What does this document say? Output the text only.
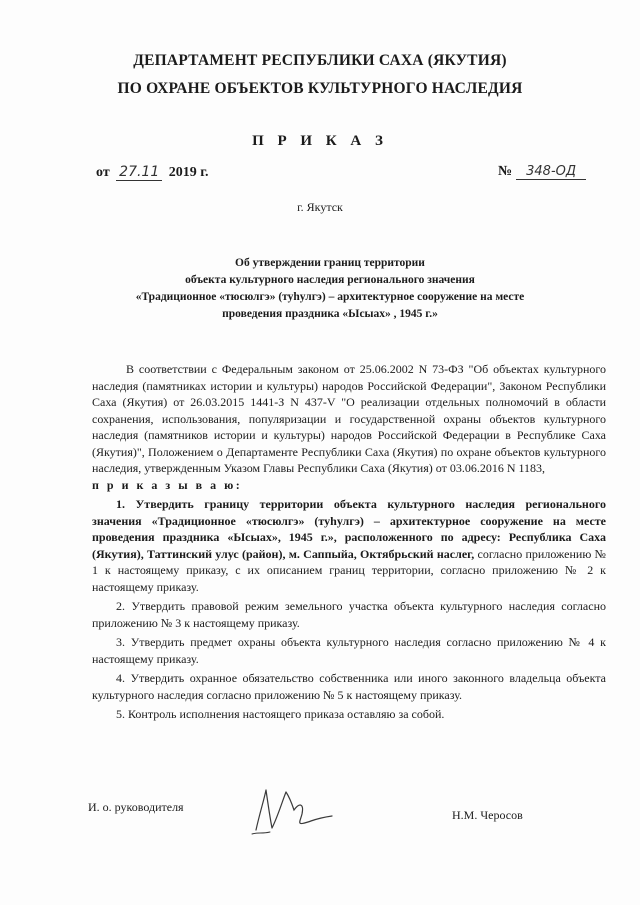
ДЕПАРТАМЕНТ РЕСПУБЛИКИ САХА (ЯКУТИЯ)
ПО ОХРАНЕ ОБЪЕКТОВ КУЛЬТУРНОГО НАСЛЕДИЯ
П Р И К А З
от 27.11 2019 г.	№ 348-ОД
г. Якутск
Об утверждении границ территории
объекта культурного наследия регионального значения
«Традиционное «тюсюлгэ» (туһулгэ) – архитектурное сооружение на месте
проведения праздника «Ысыах» , 1945 г.»

В соответствии с Федеральным законом от 25.06.2002 N 73-ФЗ "Об объектах культурного наследия (памятниках истории и культуры) народов Российской Федерации", Законом Республики Саха (Якутия) от 26.03.2015 1441-З N 437-V "О реализации отдельных полномочий в области сохранения, использования, популяризации и государственной охраны объектов культурного наследия (памятников истории и культуры) народов Российской Федерации в Республике Саха (Якутия)", Положением о Департаменте Республики Саха (Якутия) по охране объектов культурного наследия, утвержденным Указом Главы Республики Саха (Якутия) от 03.06.2016 N 1183,

п р и к а з ы в а ю:

1. Утвердить границу территории объекта культурного наследия регионального значения «Традиционное «тюсюлгэ» (туһулгэ) – архитектурное сооружение на месте проведения праздника «Ысыах», 1945 г.», расположенного по адресу: Республика Саха (Якутия), Таттинский улус (район), м. Саппыйа, Октябрьский наслег, согласно приложению № 1 к настоящему приказу, с их описанием границ территории, согласно приложению № 2 к настоящему приказу.

2. Утвердить правовой режим земельного участка объекта культурного наследия согласно приложению № 3 к настоящему приказу.

3. Утвердить предмет охраны объекта культурного наследия согласно приложению № 4 к настоящему приказу.

4. Утвердить охранное обязательство собственника или иного законного владельца объекта культурного наследия согласно приложению № 5 к настоящему приказу.

5. Контроль исполнения настоящего приказа оставляю за собой.

И. о. руководителя
Н.М. Черосов
